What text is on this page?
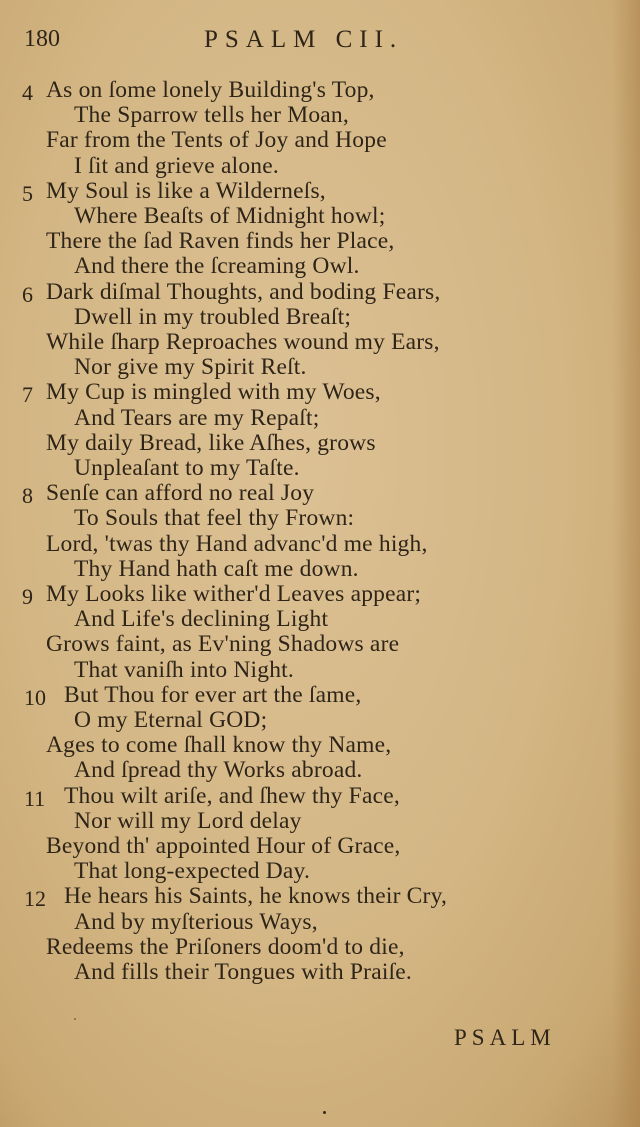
180	PSALM CII.
4 As on ſome lonely Building's Top,
The Sparrow tells her Moan,
Far from the Tents of Joy and Hope
I ſit and grieve alone.
5 My Soul is like a Wilderneſs,
Where Beaſts of Midnight howl;
There the ſad Raven finds her Place,
And there the ſcreaming Owl.
6 Dark diſmal Thoughts, and boding Fears,
Dwell in my troubled Breaſt;
While ſharp Reproaches wound my Ears,
Nor give my Spirit Reſt.
7 My Cup is mingled with my Woes,
And Tears are my Repaſt;
My daily Bread, like Aſhes, grows
Unpleaſant to my Taſte.
8 Senſe can afford no real Joy
To Souls that feel thy Frown:
Lord, 'twas thy Hand advanc'd me high,
Thy Hand hath caſt me down.
9 My Looks like wither'd Leaves appear;
And Life's declining Light
Grows faint, as Ev'ning Shadows are
That vaniſh into Night.
10 But Thou for ever art the ſame,
O my Eternal GOD;
Ages to come ſhall know thy Name,
And ſpread thy Works abroad.
11 Thou wilt ariſe, and ſhew thy Face,
Nor will my Lord delay
Beyond th' appointed Hour of Grace,
That long-expected Day.
12 He hears his Saints, he knows their Cry,
And by myſterious Ways,
Redeems the Priſoners doom'd to die,
And fills their Tongues with Praiſe.
PSALM
